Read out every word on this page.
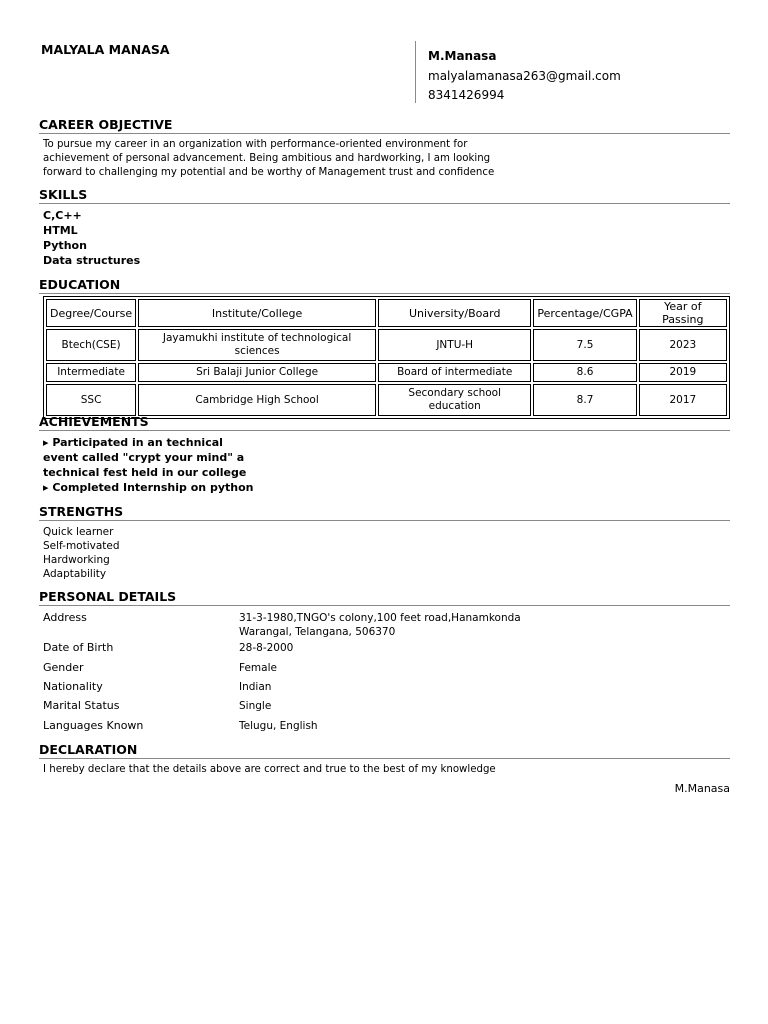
MALYALA MANASA	M.Manasa
malyalamanasa263@gmail.com
8341426994
CAREER OBJECTIVE
To pursue my career in an organization with performance-oriented environment for
achievement of personal advancement. Being ambitious and hardworking, I am looking
forward to challenging my potential and be worthy of Management trust and confidence
SKILLS
C,C++
HTML
Python
Data structures
EDUCATION
Degree/Course	Institute/College	University/Board	Percentage/CGPA	Year of Passing
Btech(CSE)	Jayamukhi institute of technological sciences	JNTU-H	7.5	2023
Intermediate	Sri Balaji Junior College	Board of intermediate	8.6	2019
SSC	Cambridge High School	Secondary school education	8.7	2017
ACHIEVEMENTS
▸ Participated in an technical
event called "crypt your mind" a
technical fest held in our college
▸ Completed Internship on python
STRENGTHS
Quick learner
Self-motivated
Hardworking
Adaptability
PERSONAL DETAILS
Address	31-3-1980,TNGO's colony,100 feet road,Hanamkonda
Warangal, Telangana, 506370
Date of Birth	28-8-2000
Gender	Female
Nationality	Indian
Marital Status	Single
Languages Known	Telugu, English
DECLARATION
I hereby declare that the details above are correct and true to the best of my knowledge
M.Manasa
